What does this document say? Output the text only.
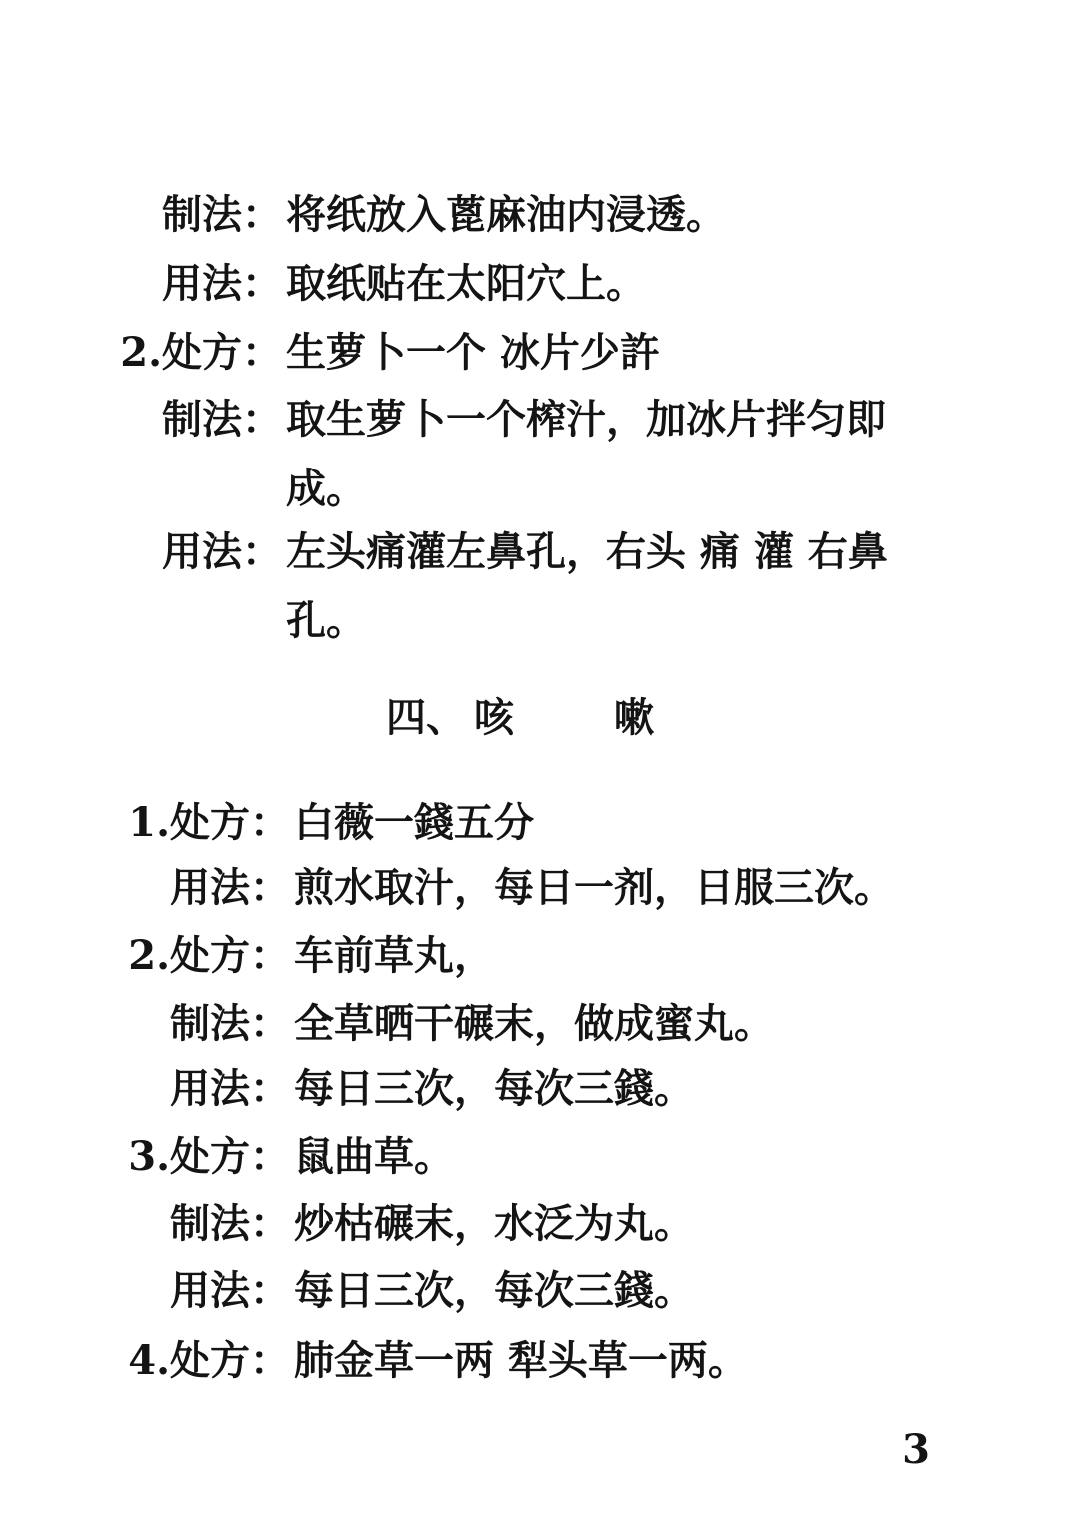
制法： 将纸放入蓖麻油内浸透。
用法： 取纸贴在太阳穴上。
2.处方： 生萝卜一个 冰片少許
制法： 取生萝卜一个榨汁，加冰片拌匀即
成。
用法： 左头痛灌左鼻孔，右头 痛 灌 右鼻
孔。
四、 咳	嗽
1.处方： 白薇一錢五分
用法： 煎水取汁，每日一剂，日服三次。
2.处方： 车前草丸，
制法： 全草晒干碾末，做成蜜丸。
用法： 每日三次，每次三錢。
3.处方： 鼠曲草。
制法： 炒枯碾末，水泛为丸。
用法： 每日三次，每次三錢。
4.处方： 肺金草一两 犁头草一两。
3
